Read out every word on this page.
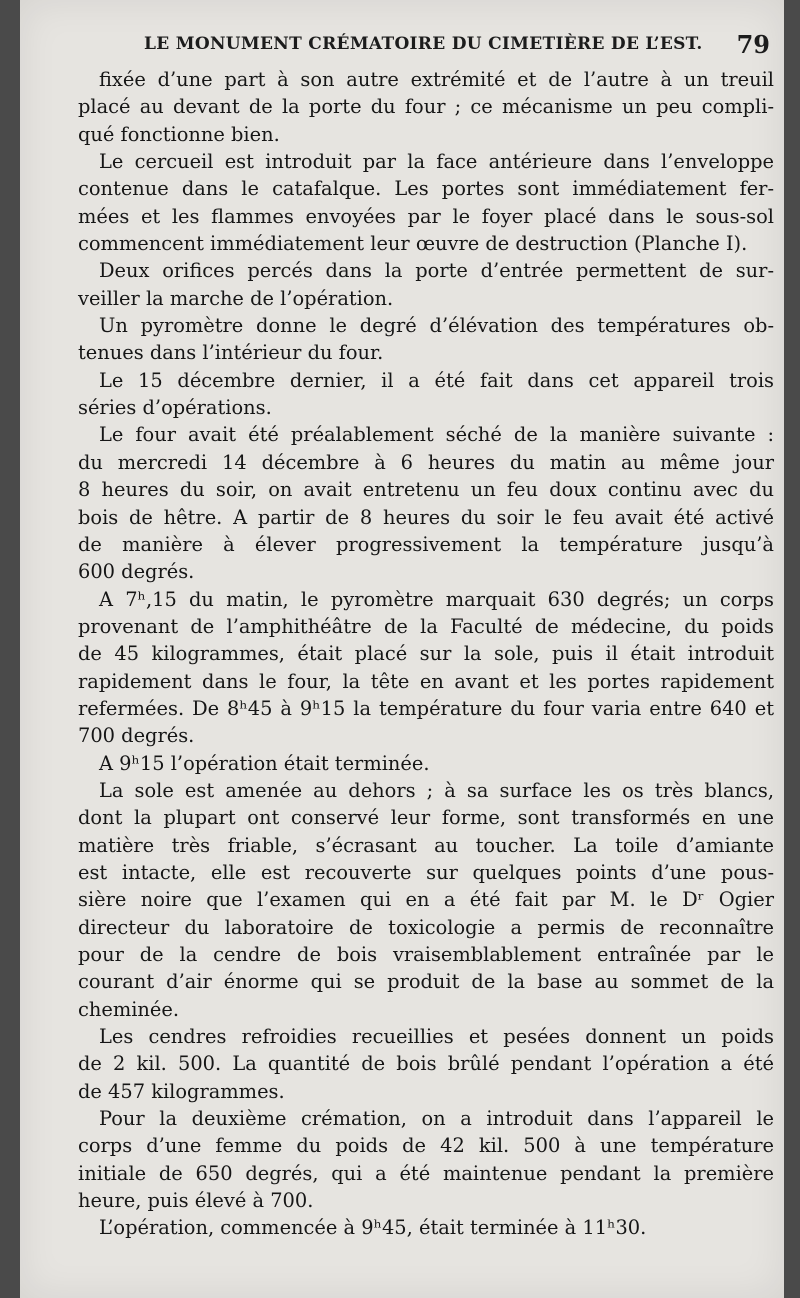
LE MONUMENT CRÉMATOIRE DU CIMETIÈRE DE L’EST. 79
fixée d’une part à son autre extrémité et de l’autre à un treuil
placé au devant de la porte du four ; ce mécanisme un peu compli-
qué fonctionne bien.
Le cercueil est introduit par la face antérieure dans l’enveloppe
contenue dans le catafalque. Les portes sont immédiatement fer-
mées et les flammes envoyées par le foyer placé dans le sous-sol
commencent immédiatement leur œuvre de destruction (Planche I).
Deux orifices percés dans la porte d’entrée permettent de sur-
veiller la marche de l’opération.
Un pyromètre donne le degré d’élévation des températures ob-
tenues dans l’intérieur du four.
Le 15 décembre dernier, il a été fait dans cet appareil trois
séries d’opérations.
Le four avait été préalablement séché de la manière suivante :
du mercredi 14 décembre à 6 heures du matin au même jour
8 heures du soir, on avait entretenu un feu doux continu avec du
bois de hêtre. A partir de 8 heures du soir le feu avait été activé
de manière à élever progressivement la température jusqu’à
600 degrés.
A 7ʰ,15 du matin, le pyromètre marquait 630 degrés; un corps
provenant de l’amphithéâtre de la Faculté de médecine, du poids
de 45 kilogrammes, était placé sur la sole, puis il était introduit
rapidement dans le four, la tête en avant et les portes rapidement
refermées. De 8ʰ45 à 9ʰ15 la température du four varia entre 640 et
700 degrés.
A 9ʰ15 l’opération était terminée.
La sole est amenée au dehors ; à sa surface les os très blancs,
dont la plupart ont conservé leur forme, sont transformés en une
matière très friable, s’écrasant au toucher. La toile d’amiante
est intacte, elle est recouverte sur quelques points d’une pous-
sière noire que l’examen qui en a été fait par M. le Dʳ Ogier
directeur du laboratoire de toxicologie a permis de reconnaître
pour de la cendre de bois vraisemblablement entraînée par le
courant d’air énorme qui se produit de la base au sommet de la
cheminée.
Les cendres refroidies recueillies et pesées donnent un poids
de 2 kil. 500. La quantité de bois brûlé pendant l’opération a été
de 457 kilogrammes.
Pour la deuxième crémation, on a introduit dans l’appareil le
corps d’une femme du poids de 42 kil. 500 à une température
initiale de 650 degrés, qui a été maintenue pendant la première
heure, puis élevé à 700.
L’opération, commencée à 9ʰ45, était terminée à 11ʰ30.
